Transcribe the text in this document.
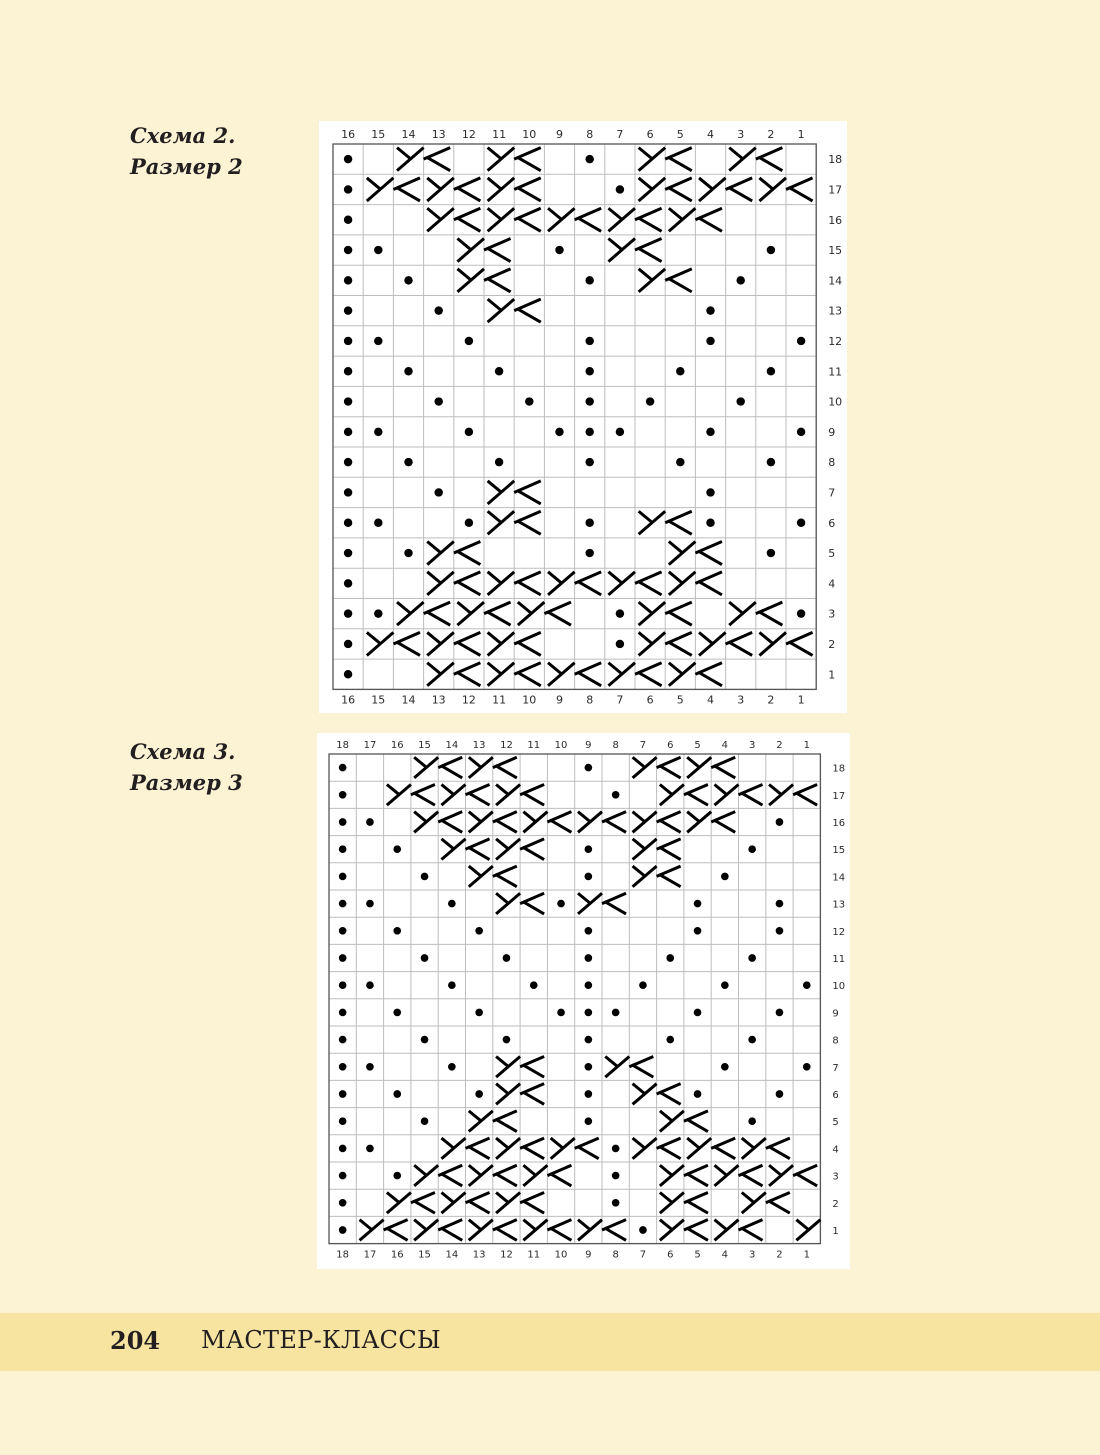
Схема 2.
Размер 2
16
16
15
15
14
14
13
13
12
12
11
11
10
10
9
9
8
8
7
7
6
6
5
5
4
4
3
3
2
2
1
1
18
17
16
15
14
13
12
11
10
9
8
7
6
5
4
3
2
1
Схема 3.
Размер 3
18
18
17
17
16
16
15
15
14
14
13
13
12
12
11
11
10
10
9
9
8
8
7
7
6
6
5
5
4
4
3
3
2
2
1
1
18
17
16
15
14
13
12
11
10
9
8
7
6
5
4
3
2
1
204 МАСТЕР-КЛАССЫ
